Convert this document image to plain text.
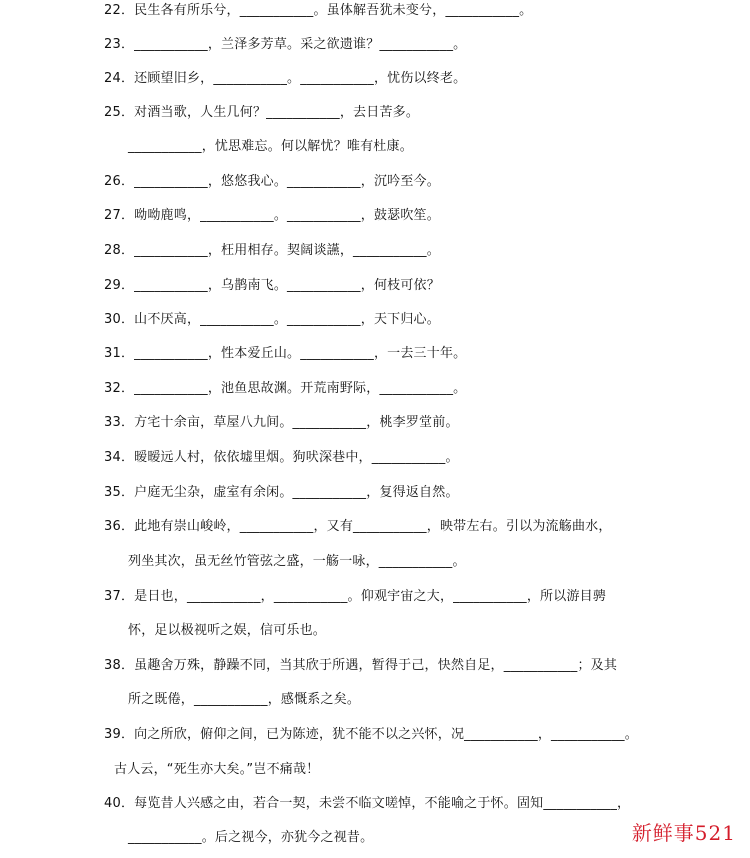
22．民生各有所乐兮，___________。虽体解吾犹未变兮，___________。
23．___________，兰泽多芳草。采之欲遗谁？___________。
24．还顾望旧乡，___________。___________，忧伤以终老。
25．对酒当歌，人生几何？___________，去日苦多。
___________，忧思难忘。何以解忧？唯有杜康。
26．___________，悠悠我心。___________，沉吟至今。
27．呦呦鹿鸣，___________。___________，鼓瑟吹笙。
28．___________，枉用相存。契阔谈讌，___________。
29．___________，乌鹊南飞。___________，何枝可依？
30．山不厌高，___________。___________，天下归心。
31．___________，性本爱丘山。___________，一去三十年。
32．___________，池鱼思故渊。开荒南野际，___________。
33．方宅十余亩，草屋八九间。___________，桃李罗堂前。
34．暧暧远人村，依依墟里烟。狗吠深巷中，___________。
35．户庭无尘杂，虚室有余闲。___________，复得返自然。
36．此地有崇山峻岭，___________，又有___________，映带左右。引以为流觞曲水，
列坐其次，虽无丝竹管弦之盛，一觞一咏，___________。
37．是日也，___________，___________。仰观宇宙之大，___________，所以游目骋
怀，足以极视听之娱，信可乐也。
38．虽趣舍万殊，静躁不同，当其欣于所遇，暂得于己，快然自足，___________；及其
所之既倦，___________，感慨系之矣。
39．向之所欣，俯仰之间，已为陈迹，犹不能不以之兴怀，况___________，___________。
古人云，“死生亦大矣。”岂不痛哉！
40．每览昔人兴感之由，若合一契，未尝不临文嗟悼，不能喻之于怀。固知___________，
___________。后之视今，亦犹今之视昔。	新鲜事521
